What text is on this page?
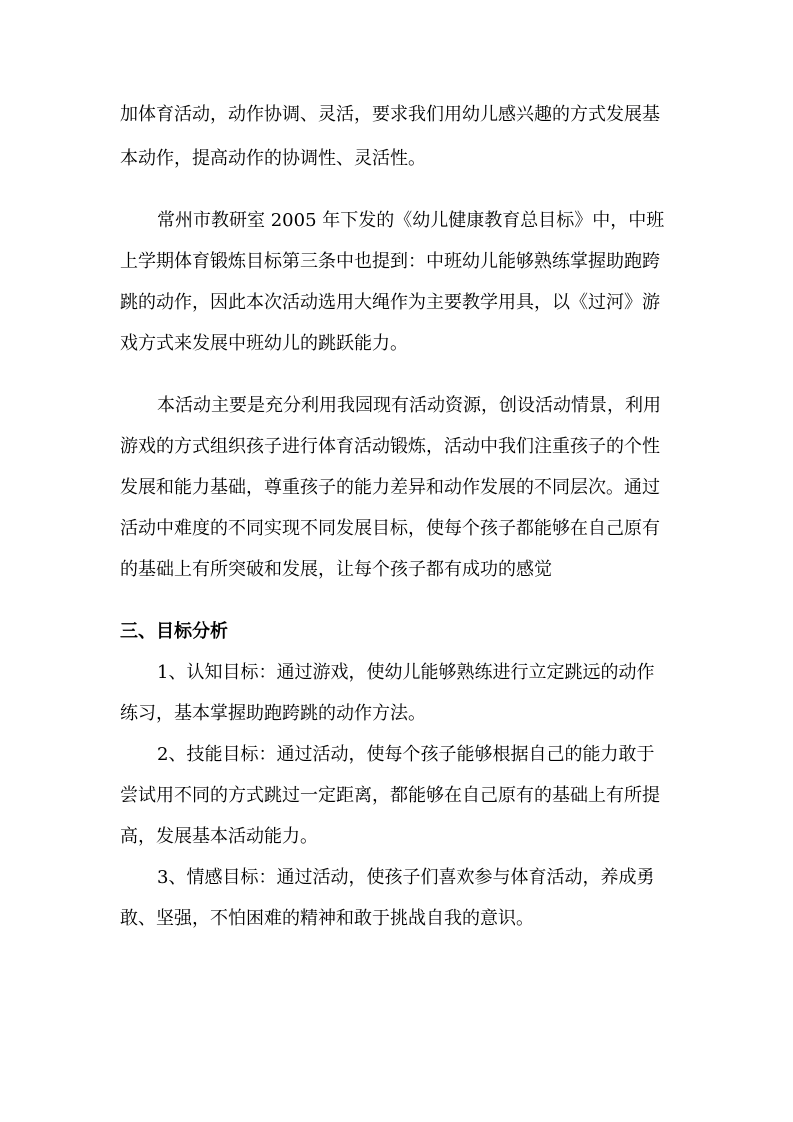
加体育活动，动作协调、灵活，要求我们用幼儿感兴趣的方式发展基
本动作，提高动作的协调性、灵活性。
常州市教研室 2005 年下发的《幼儿健康教育总目标》中，中班
上学期体育锻炼目标第三条中也提到：中班幼儿能够熟练掌握助跑跨
跳的动作，因此本次活动选用大绳作为主要教学用具，以《过河》游
戏方式来发展中班幼儿的跳跃能力。
本活动主要是充分利用我园现有活动资源，创设活动情景，利用
游戏的方式组织孩子进行体育活动锻炼，活动中我们注重孩子的个性
发展和能力基础，尊重孩子的能力差异和动作发展的不同层次。通过
活动中难度的不同实现不同发展目标，使每个孩子都能够在自己原有
的基础上有所突破和发展，让每个孩子都有成功的感觉
三、目标分析
1、认知目标：通过游戏，使幼儿能够熟练进行立定跳远的动作
练习，基本掌握助跑跨跳的动作方法。
2、技能目标：通过活动，使每个孩子能够根据自己的能力敢于
尝试用不同的方式跳过一定距离，都能够在自己原有的基础上有所提
高，发展基本活动能力。
3、情感目标：通过活动，使孩子们喜欢参与体育活动，养成勇
敢、坚强，不怕困难的精神和敢于挑战自我的意识。
